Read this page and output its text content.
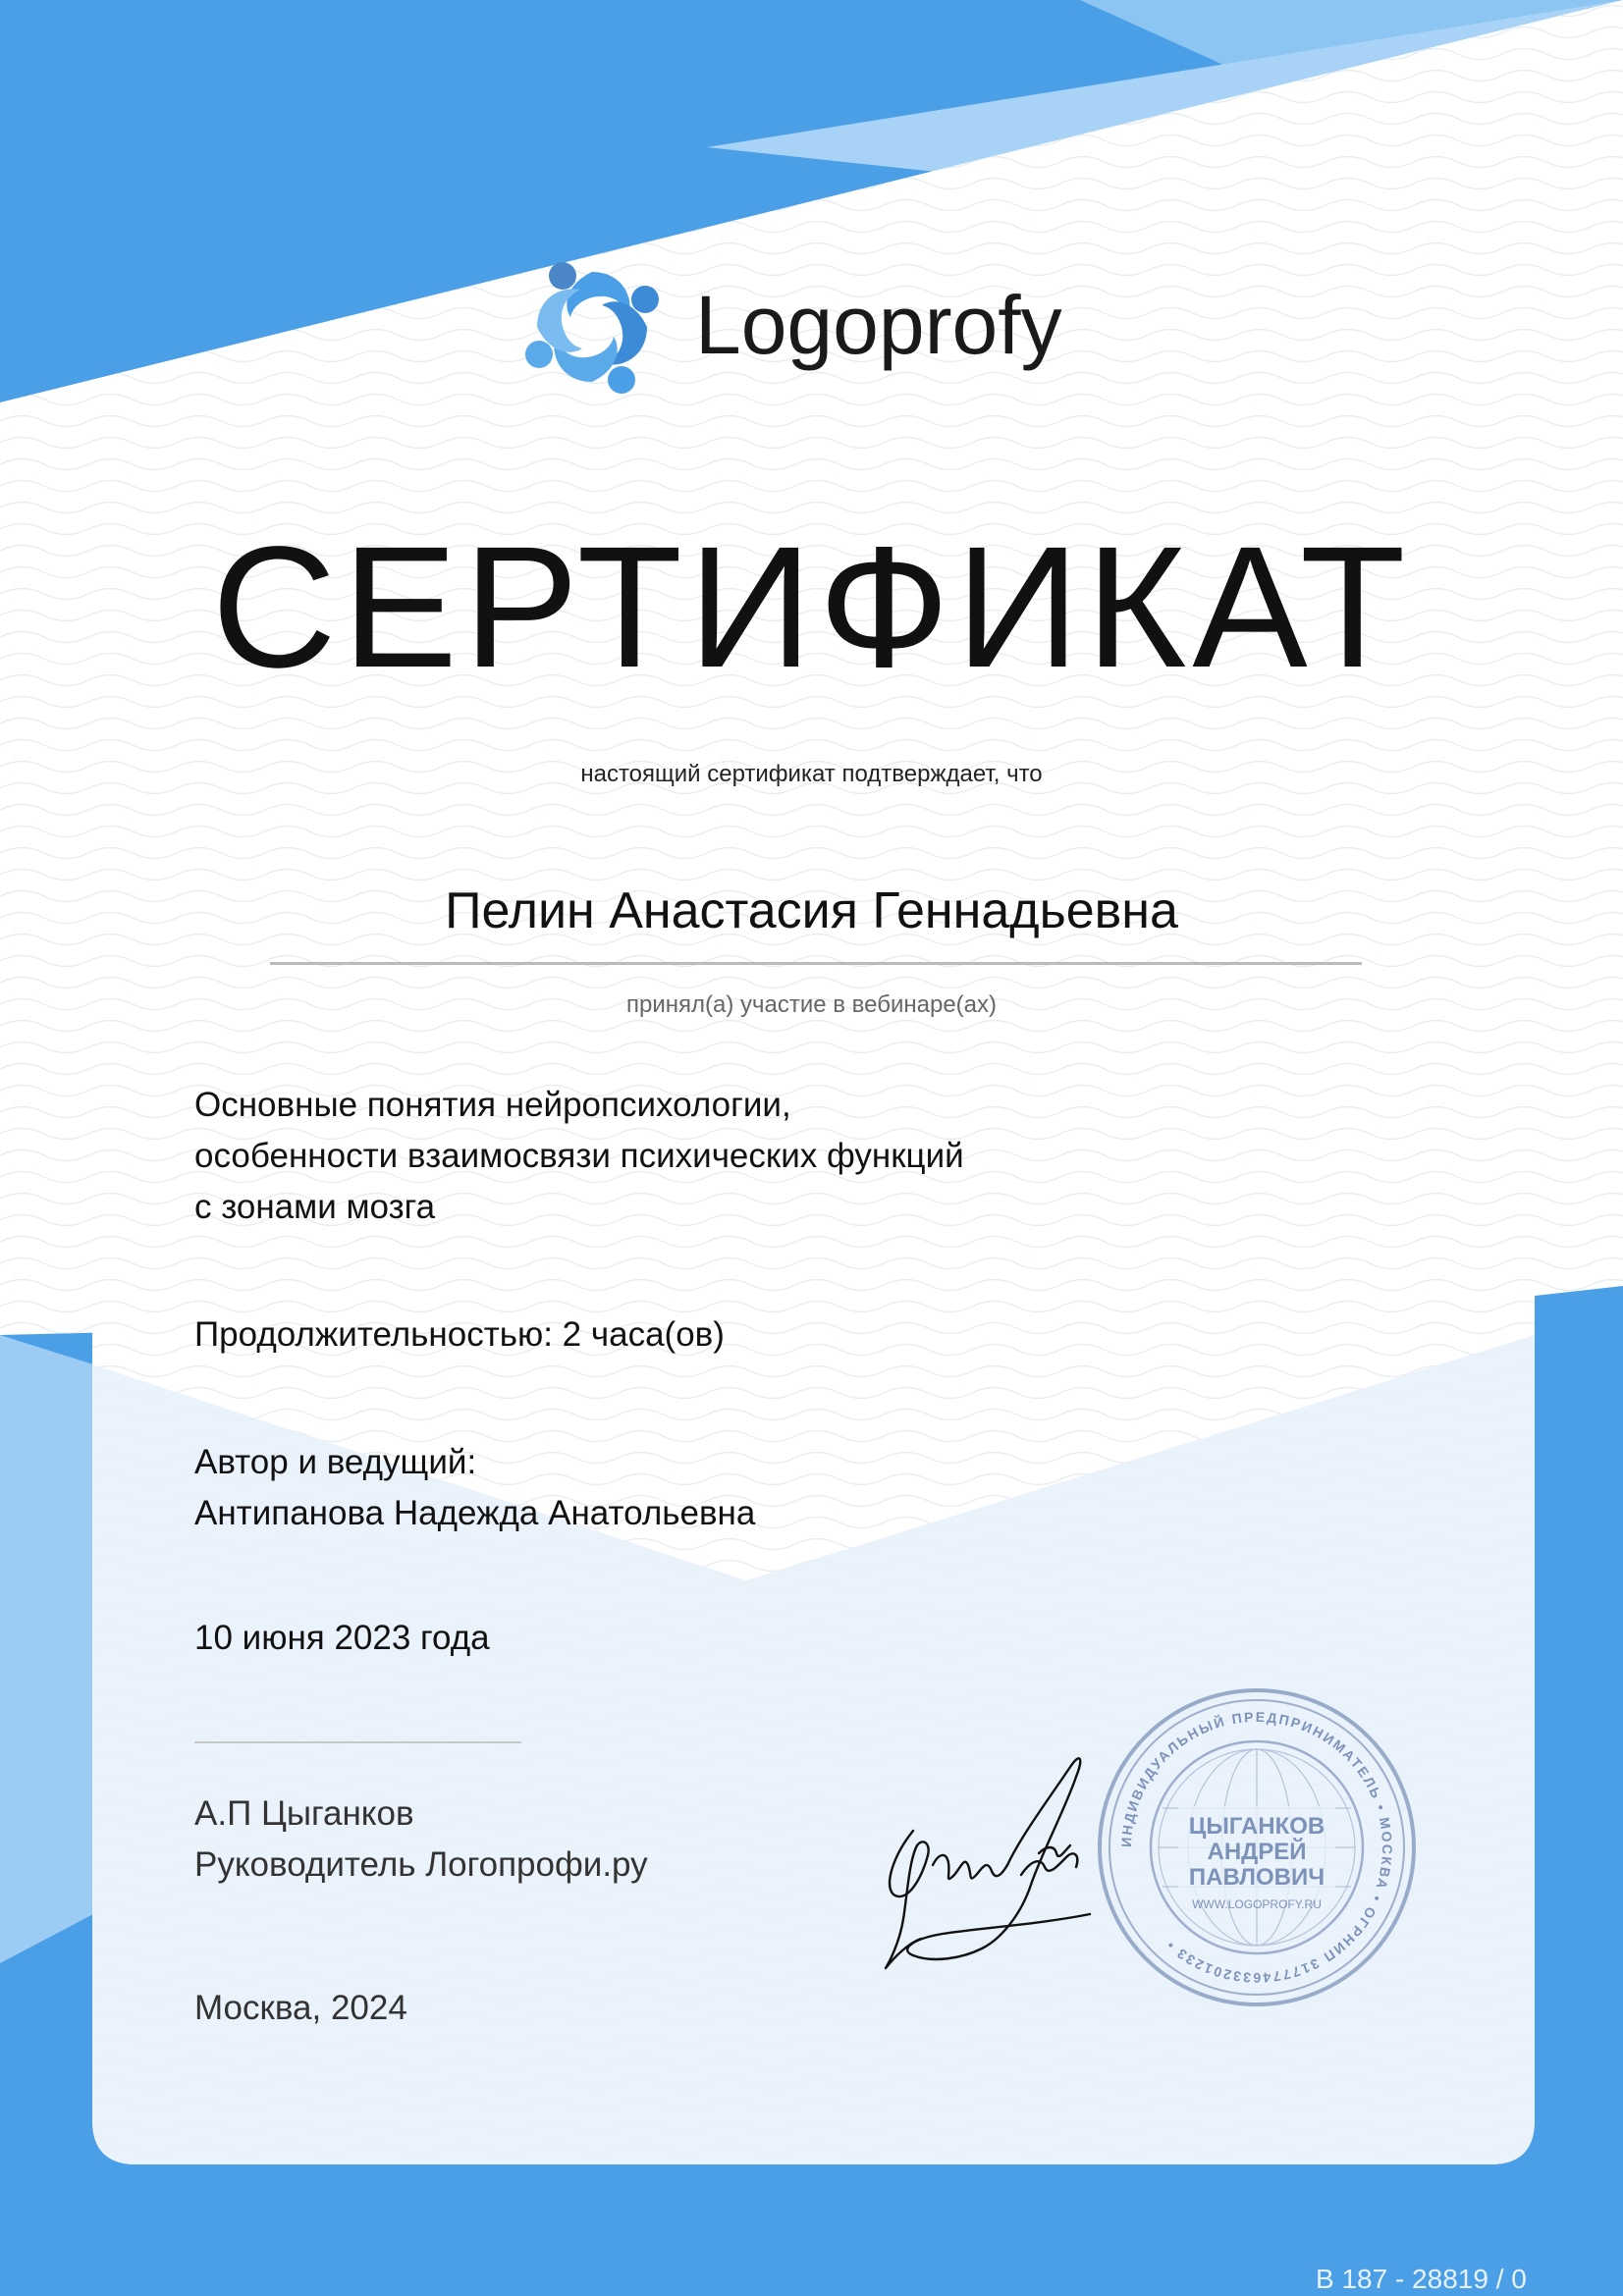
Logoprofy
СЕРТИФИКАТ
настоящий сертификат подтверждает, что
Пелин Анастасия Геннадьевна
принял(а) участие в вебинаре(ах)
Основные понятия нейропсихологии,
особенности взаимосвязи психических функций
с зонами мозга
Продолжительностью: 2 часа(ов)
Автор и ведущий:
Антипанова Надежда Анатольевна
10 июня 2023 года
А.П Цыганков
Руководитель Логопрофи.ру
Москва, 2024
ИНДИВИДУАЛЬНЫЙ ПРЕДПРИНИМАТЕЛЬ • МОСКВА • ОГРНИП 317774633201233 •
ЦЫГАНКОВ
АНДРЕЙ
ПАВЛОВИЧ
WWW.LOGOPROFY.RU
В 187 - 28819 / 0
